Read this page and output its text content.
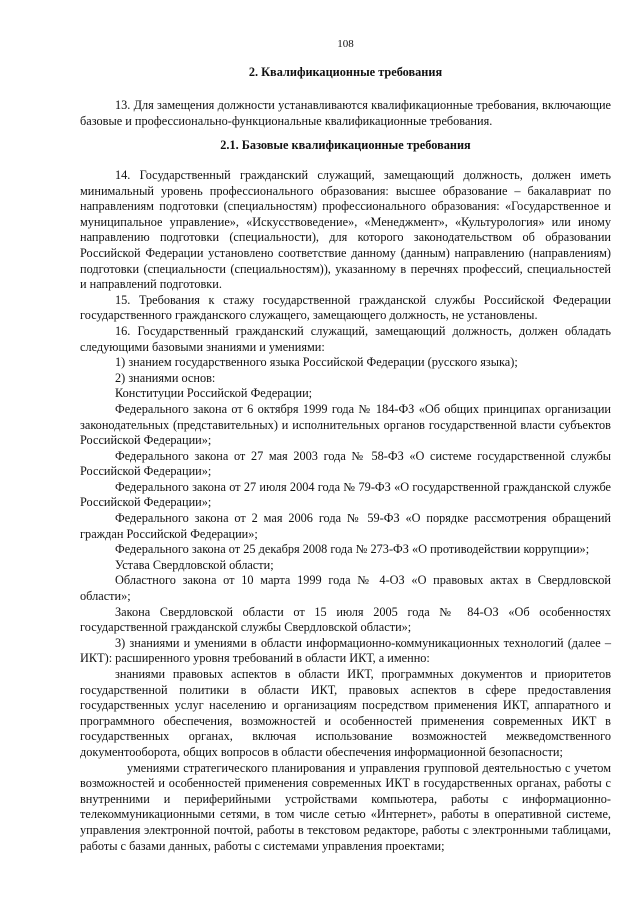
108
2. Квалификационные требования

13. Для замещения должности устанавливаются квалификационные требования, включающие базовые и профессионально-функциональные квалификационные требования.

2.1. Базовые квалификационные требования

14. Государственный гражданский служащий, замещающий должность, должен иметь минимальный уровень профессионального образования: высшее образование – бакалавриат по направлениям подготовки (специальностям) профессионального образования: «Государственное и муниципальное управление», «Искусствоведение», «Менеджмент», «Культурология» или иному направлению подготовки (специальности), для которого законодательством об образовании Российской Федерации установлено соответствие данному (данным) направлению (направлениям) подготовки (специальности (специальностям)), указанному в перечнях профессий, специальностей и направлений подготовки.

15. Требования к стажу государственной гражданской службы Российской Федерации государственного гражданского служащего, замещающего должность, не установлены.

16. Государственный гражданский служащий, замещающий должность, должен обладать следующими базовыми знаниями и умениями:

1) знанием государственного языка Российской Федерации (русского языка);

2) знаниями основ:

Конституции Российской Федерации;

Федерального закона от 6 октября 1999 года № 184-ФЗ «Об общих принципах организации законодательных (представительных) и исполнительных органов государственной власти субъектов Российской Федерации»;

Федерального закона от 27 мая 2003 года № 58-ФЗ «О системе государственной службы Российской Федерации»;

Федерального закона от 27 июля 2004 года № 79-ФЗ «О государственной гражданской службе Российской Федерации»;

Федерального закона от 2 мая 2006 года № 59-ФЗ «О порядке рассмотрения обращений граждан Российской Федерации»;

Федерального закона от 25 декабря 2008 года № 273-ФЗ «О противодействии коррупции»;

Устава Свердловской области;

Областного закона от 10 марта 1999 года № 4-ОЗ «О правовых актах в Свердловской области»;

Закона Свердловской области от 15 июля 2005 года № 84-ОЗ «Об особенностях государственной гражданской службы Свердловской области»;

3) знаниями и умениями в области информационно-коммуникационных технологий (далее – ИКТ): расширенного уровня требований в области ИКТ, а именно:

знаниями правовых аспектов в области ИКТ, программных документов и приоритетов государственной политики в области ИКТ, правовых аспектов в сфере предоставления государственных услуг населению и организациям посредством применения ИКТ, аппаратного и программного обеспечения, возможностей и особенностей применения современных ИКТ в государственных органах, включая использование возможностей межведомственного документооборота, общих вопросов в области обеспечения информационной безопасности;

умениями стратегического планирования и управления групповой деятельностью с учетом возможностей и особенностей применения современных ИКТ в государственных органах, работы с внутренними и периферийными устройствами компьютера, работы с информационно-телекоммуникационными сетями, в том числе сетью «Интернет», работы в оперативной системе, управления электронной почтой, работы в текстовом редакторе, работы с электронными таблицами, работы с базами данных, работы с системами управления проектами;
